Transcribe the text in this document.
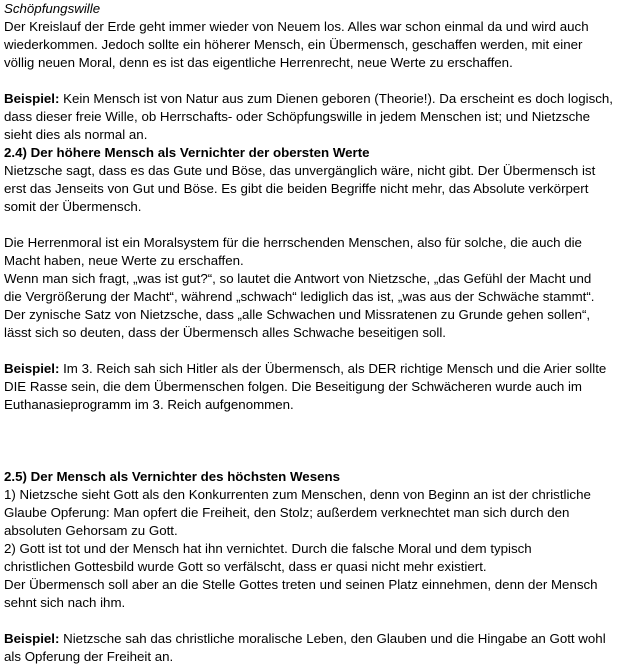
Schöpfungswille

Der Kreislauf der Erde geht immer wieder von Neuem los. Alles war schon einmal da und wird auch

wiederkommen. Jedoch sollte ein höherer Mensch, ein Übermensch, geschaffen werden, mit einer

völlig neuen Moral, denn es ist das eigentliche Herrenrecht, neue Werte zu erschaffen.

Beispiel: Kein Mensch ist von Natur aus zum Dienen geboren (Theorie!). Da erscheint es doch logisch,

dass dieser freie Wille, ob Herrschafts- oder Schöpfungswille in jedem Menschen ist; und Nietzsche

sieht dies als normal an.

2.4) Der höhere Mensch als Vernichter der obersten Werte

Nietzsche sagt, dass es das Gute und Böse, das unvergänglich wäre, nicht gibt. Der Übermensch ist

erst das Jenseits von Gut und Böse. Es gibt die beiden Begriffe nicht mehr, das Absolute verkörpert

somit der Übermensch.

Die Herrenmoral ist ein Moralsystem für die herrschenden Menschen, also für solche, die auch die

Macht haben, neue Werte zu erschaffen.

Wenn man sich fragt, „was ist gut?“, so lautet die Antwort von Nietzsche, „das Gefühl der Macht und

die Vergrößerung der Macht“, während „schwach“ lediglich das ist, „was aus der Schwäche stammt“.

Der zynische Satz von Nietzsche, dass „alle Schwachen und Missratenen zu Grunde gehen sollen“,

lässt sich so deuten, dass der Übermensch alles Schwache beseitigen soll.

Beispiel: Im 3. Reich sah sich Hitler als der Übermensch, als DER richtige Mensch und die Arier sollte

DIE Rasse sein, die dem Übermenschen folgen. Die Beseitigung der Schwächeren wurde auch im

Euthanasieprogramm im 3. Reich aufgenommen.

2.5) Der Mensch als Vernichter des höchsten Wesens

1) Nietzsche sieht Gott als den Konkurrenten zum Menschen, denn von Beginn an ist der christliche

Glaube Opferung: Man opfert die Freiheit, den Stolz; außerdem verknechtet man sich durch den

absoluten Gehorsam zu Gott.

2) Gott ist tot und der Mensch hat ihn vernichtet. Durch die falsche Moral und dem typisch

christlichen Gottesbild wurde Gott so verfälscht, dass er quasi nicht mehr existiert.

Der Übermensch soll aber an die Stelle Gottes treten und seinen Platz einnehmen, denn der Mensch

sehnt sich nach ihm.

Beispiel: Nietzsche sah das christliche moralische Leben, den Glauben und die Hingabe an Gott wohl

als Opferung der Freiheit an.
